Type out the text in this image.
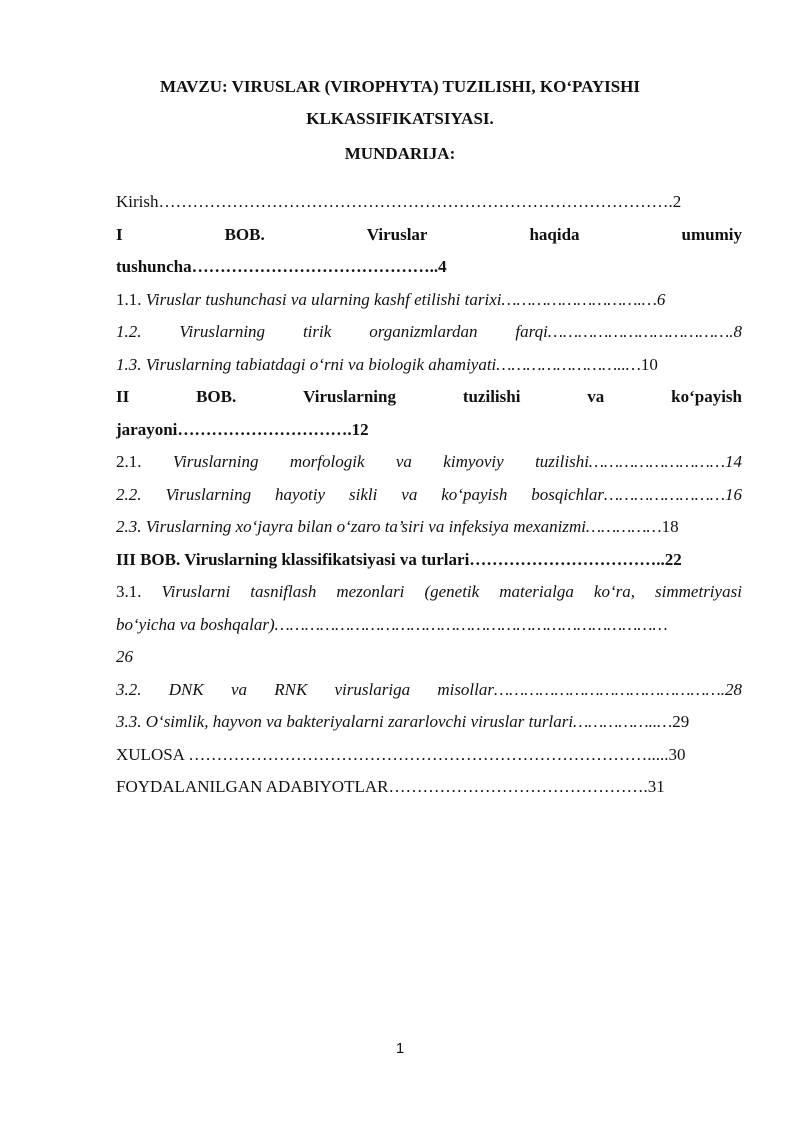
MAVZU: VIRUSLAR (VIROPHYTA) TUZILISHI, KO‘PAYISHI
KLKASSIFIKATSIYASI.
MUNDARIJA:
Kirish……………………………………………………………………………….2
I	BOB.	Viruslar	haqida	umumiy
tushuncha……………………………………..4
1.1. Viruslar tushunchasi va ularning kashf etilishi tarixi……………………….…6
1.2. Viruslarning tirik organizmlardan farqi……………………………….8
1.3. Viruslarning tabiatdagi o‘rni va biologik ahamiyati……………………..…10
II	BOB.	Viruslarning	tuzilishi	va	ko‘payish
jarayoni………………………….12
2.1. Viruslarning morfologik va kimyoviy tuzilishi………………………14
2.2. Viruslarning hayotiy sikli va ko‘payish bosqichlar……………………16
2.3. Viruslarning xo‘jayra bilan o‘zaro ta’siri va infeksiya mexanizmi……………18
III BOB. Viruslarning klassifikatsiyasi va turlari……………………………..22
3.1. Viruslarni tasniflash mezonlari (genetik materialga ko‘ra, simmetriyasi
bo‘yicha va boshqalar)……………………………………………………………………
26
3.2. DNK va RNK viruslariga misollar……………………………………….28
3.3. O‘simlik, hayvon va bakteriyalarni zararlovchi viruslar turlari……………..…29
XULOSA ……………………………………………………………………….....30
FOYDALANILGAN ADABIYOTLAR……………………………………….31
1
